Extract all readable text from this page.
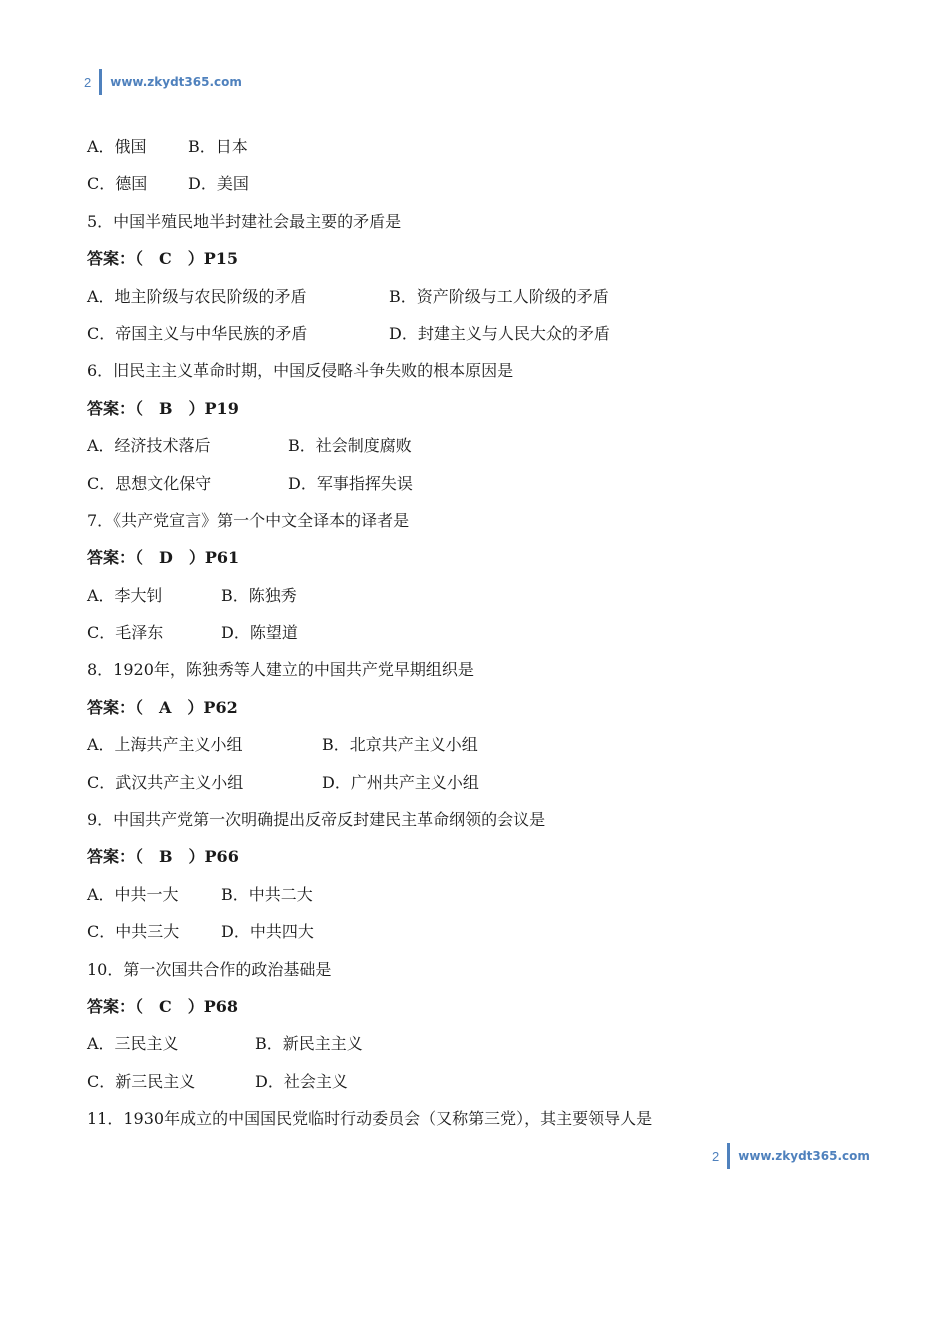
2 www.zkydt365.com
A．俄国	B．日本
C．德国	D．美国
5．中国半殖民地半封建社会最主要的矛盾是
答案：（　C　）P15
A．地主阶级与农民阶级的矛盾	B．资产阶级与工人阶级的矛盾
C．帝国主义与中华民族的矛盾	D．封建主义与人民大众的矛盾
6．旧民主主义革命时期，中国反侵略斗争失败的根本原因是
答案：（　B　）P19
A．经济技术落后	B．社会制度腐败
C．思想文化保守	D．军事指挥失误
7．《共产党宣言》第一个中文全译本的译者是
答案：（　D　）P61
A．李大钊	B．陈独秀
C．毛泽东	D．陈望道
8．1920年，陈独秀等人建立的中国共产党早期组织是
答案：（　A　）P62
A．上海共产主义小组	B．北京共产主义小组
C．武汉共产主义小组	D．广州共产主义小组
9．中国共产党第一次明确提出反帝反封建民主革命纲领的会议是
答案：（　B　）P66
A．中共一大	B．中共二大
C．中共三大	D．中共四大
10．第一次国共合作的政治基础是
答案：（　C　）P68
A．三民主义	B．新民主主义
C．新三民主义	D．社会主义
11．1930年成立的中国国民党临时行动委员会（又称第三党），其主要领导人是
2 www.zkydt365.com
